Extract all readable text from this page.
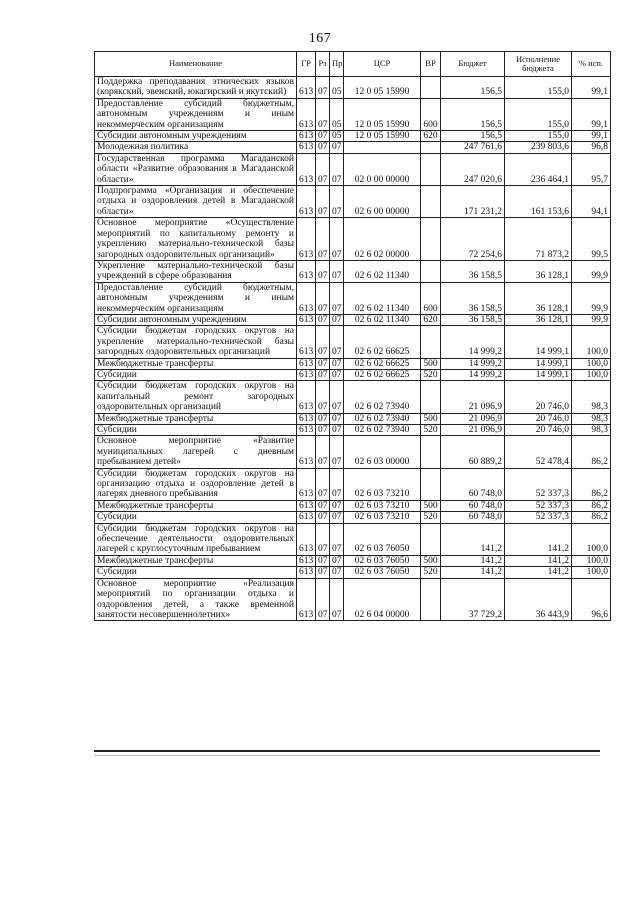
167
Наименование	ГР	Рз	Пр	ЦСР	ВР	Бюджет	Исполнение бюджета	% исп.
Поддержка преподавания этнических языков (корякский, эвенский, юкагирский и якутский)	613	07	05	12 0 05 15990		156,5	155,0	99,1
Предоставление субсидий бюджетным, автономным учреждениям и иным некоммерческим организациям	613	07	05	12 0 05 15990	600	156,5	155,0	99,1
Субсидии автономным учреждениям	613	07	05	12 0 05 15990	620	156,5	155,0	99,1
Молодежная политика	613	07	07			247 761,6	239 803,6	96,8
Государственная программа Магаданской области «Развитие образования в Магаданской области»	613	07	07	02 0 00 00000		247 020,6	236 464,1	95,7
Подпрограмма «Организация и обеспечение отдыха и оздоровления детей в Магаданской области»	613	07	07	02 6 00 00000		171 231,2	161 153,6	94,1
Основное мероприятие «Осуществление мероприятий по капитальному ремонту и укреплению материально-технической базы загородных оздоровительных организаций»	613	07	07	02 6 02 00000		72 254,6	71 873,2	99,5
Укрепление материально-технической базы учреждений в сфере образования	613	07	07	02 6 02 11340		36 158,5	36 128,1	99,9
Предоставление субсидий бюджетным, автономным учреждениям и иным некоммерческим организациям	613	07	07	02 6 02 11340	600	36 158,5	36 128,1	99,9
Субсидии автономным учреждениям	613	07	07	02 6 02 11340	620	36 158,5	36 128,1	99,9
Субсидии бюджетам городских округов на укрепление материально-технической базы загородных оздоровительных организаций	613	07	07	02 6 02 66625		14 999,2	14 999,1	100,0
Межбюджетные трансферты	613	07	07	02 6 02 66625	500	14 999,2	14 999,1	100,0
Субсидии	613	07	07	02 6 02 66625	520	14 999,2	14 999,1	100,0
Субсидии бюджетам городских округов на капитальный ремонт загородных оздоровительных организаций	613	07	07	02 6 02 73940		21 096,9	20 746,0	98,3
Межбюджетные трансферты	613	07	07	02 6 02 73940	500	21 096,9	20 746,0	98,3
Субсидии	613	07	07	02 6 02 73940	520	21 096,9	20 746,0	98,3
Основное мероприятие «Развитие муниципальных лагерей с дневным пребыванием детей»	613	07	07	02 6 03 00000		60 889,2	52 478,4	86,2
Субсидии бюджетам городских округов на организацию отдыха и оздоровление детей в лагерях дневного пребывания	613	07	07	02 6 03 73210		60 748,0	52 337,3	86,2
Межбюджетные трансферты	613	07	07	02 6 03 73210	500	60 748,0	52 337,3	86,2
Субсидии	613	07	07	02 6 03 73210	520	60 748,0	52 337,3	86,2
Субсидии бюджетам городских округов на обеспечение деятельности оздоровительных лагерей с круглосуточным пребыванием	613	07	07	02 6 03 76050		141,2	141,2	100,0
Межбюджетные трансферты	613	07	07	02 6 03 76050	500	141,2	141,2	100,0
Субсидии	613	07	07	02 6 03 76050	520	141,2	141,2	100,0
Основное мероприятие «Реализация мероприятий по организации отдыха и оздоровления детей, а также временной занятости несовершеннолетних»	613	07	07	02 6 04 00000		37 729,2	36 443,9	96,6
